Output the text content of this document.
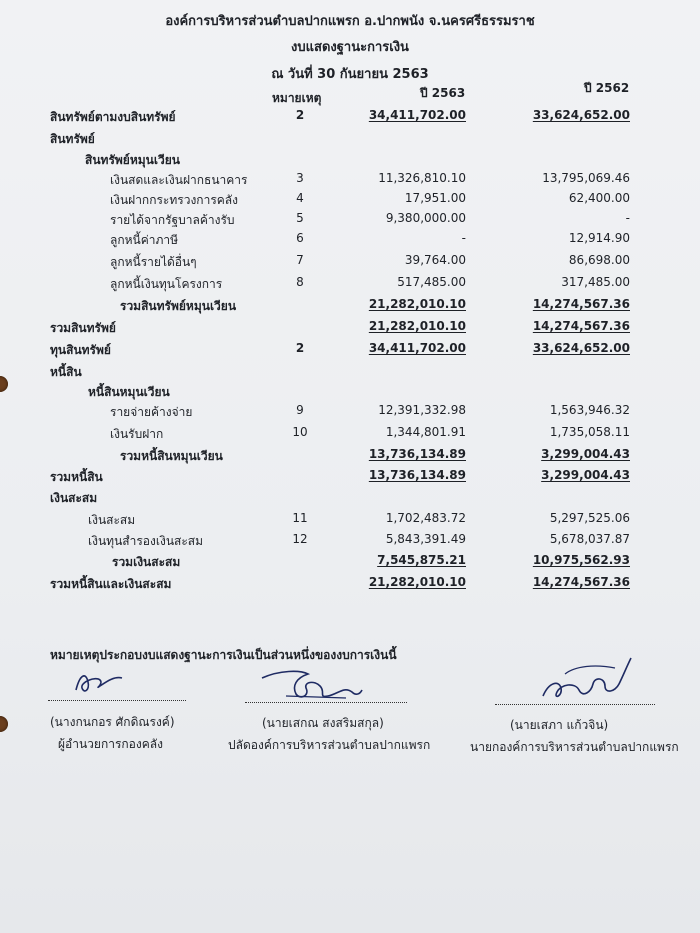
องค์การบริหารส่วนตำบลปากแพรก อ.ปากพนัง จ.นครศรีธรรมราช
งบแสดงฐานะการเงิน
ณ วันที่ 30 กันยายน 2563
หมายเหตุ	ปี 2563	ปี 2562
สินทรัพย์ตามงบสินทรัพย์	2	34,411,702.00	33,624,652.00
สินทรัพย์
สินทรัพย์หมุนเวียน
เงินสดและเงินฝากธนาคาร	3	11,326,810.10	13,795,069.46
เงินฝากกระทรวงการคลัง	4	17,951.00	62,400.00
รายได้จากรัฐบาลค้างรับ	5	9,380,000.00	-
ลูกหนี้ค่าภาษี	6	-	12,914.90
ลูกหนี้รายได้อื่นๆ	7	39,764.00	86,698.00
ลูกหนี้เงินทุนโครงการ	8	517,485.00	317,485.00
รวมสินทรัพย์หมุนเวียน	21,282,010.10	14,274,567.36
รวมสินทรัพย์	21,282,010.10	14,274,567.36
ทุนสินทรัพย์	2	34,411,702.00	33,624,652.00
หนี้สิน
หนี้สินหมุนเวียน
รายจ่ายค้างจ่าย	9	12,391,332.98	1,563,946.32
เงินรับฝาก	10	1,344,801.91	1,735,058.11
รวมหนี้สินหมุนเวียน	13,736,134.89	3,299,004.43
รวมหนี้สิน	13,736,134.89	3,299,004.43
เงินสะสม
เงินสะสม	11	1,702,483.72	5,297,525.06
เงินทุนสำรองเงินสะสม	12	5,843,391.49	5,678,037.87
รวมเงินสะสม	7,545,875.21	10,975,562.93
รวมหนี้สินและเงินสะสม	21,282,010.10	14,274,567.36
หมายเหตุประกอบงบแสดงฐานะการเงินเป็นส่วนหนึ่งของงบการเงินนี้
(นางกนกอร ศักดิณรงค์)
ผู้อำนวยการกองคลัง
(นายเสกณ สงสริมสกุล)
ปลัดองค์การบริหารส่วนตำบลปากแพรก
(นายเสภา แก้วจิน)
นายกองค์การบริหารส่วนตำบลปากแพรก
